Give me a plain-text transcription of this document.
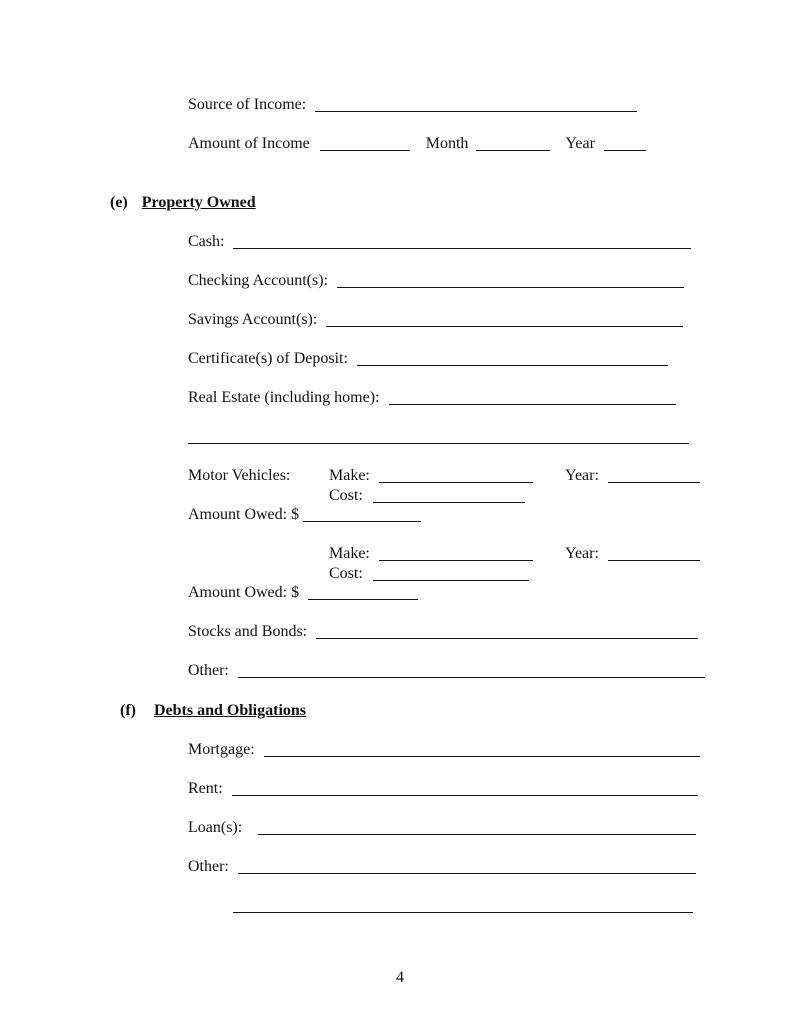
Source of Income:
Amount of Income	Month	Year
(e) Property Owned
Cash:
Checking Account(s):
Savings Account(s):
Certificate(s) of Deposit:
Real Estate (including home):
Motor Vehicles: Make:	Year:
Cost:
Amount Owed: $
Make:	Year:
Cost:
Amount Owed: $
Stocks and Bonds:
Other:
(f) Debts and Obligations
Mortgage:
Rent:
Loan(s):
Other:
4
